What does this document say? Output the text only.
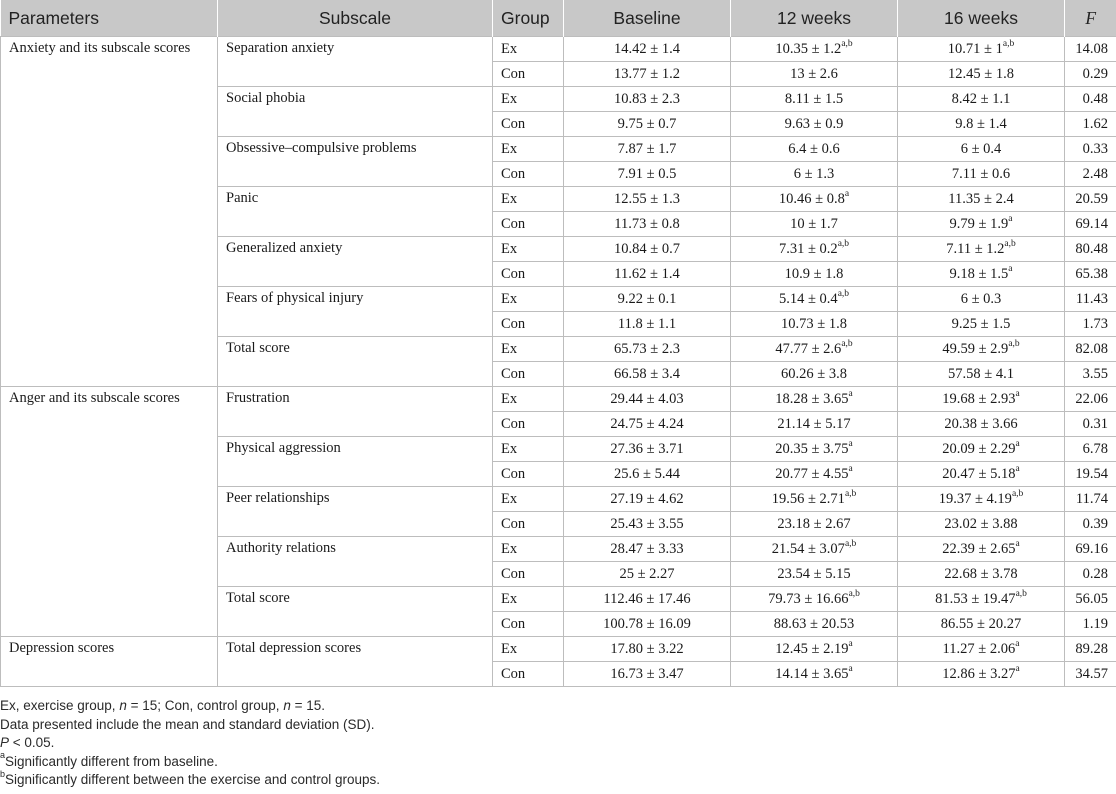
Parameters	Subscale	Group	Baseline	12 weeks	16 weeks	F
Anxiety and its subscale scores	Separation anxiety	Ex	14.42 ± 1.4	$10.35 \pm 1.2^{a,b}$	$10.71 \pm 1^{a,b}$	14.08
		Con	13.77 ± 1.2	13 ± 2.6	12.45 ± 1.8	0.29
	Social phobia	Ex	10.83 ± 2.3	8.11 ± 1.5	8.42 ± 1.1	0.48
		Con	9.75 ± 0.7	9.63 ± 0.9	9.8 ± 1.4	1.62
	Obsessive–compulsive problems	Ex	7.87 ± 1.7	6.4 ± 0.6	6 ± 0.4	0.33
		Con	7.91 ± 0.5	6 ± 1.3	7.11 ± 0.6	2.48
	Panic	Ex	12.55 ± 1.3	10.46 ± 0.8$^a$	11.35 ± 2.4	20.59
		Con	11.73 ± 0.8	10 ± 1.7	9.79 ± 1.9$^a$	69.14
	Generalized anxiety	Ex	10.84 ± 0.7	$7.31 \pm 0.2^{a,b}$	$7.11 \pm 1.2^{a,b}$	80.48
		Con	11.62 ± 1.4	10.9 ± 1.8	9.18 ± 1.5$^a$	65.38
	Fears of physical injury	Ex	9.22 ± 0.1	$5.14 \pm 0.4^{a,b}$	6 ± 0.3	11.43
		Con	11.8 ± 1.1	10.73 ± 1.8	9.25 ± 1.5	1.73
	Total score	Ex	65.73 ± 2.3	$47.77 \pm 2.6^{a,b}$	$49.59 \pm 2.9^{a,b}$	82.08
		Con	66.58 ± 3.4	60.26 ± 3.8	57.58 ± 4.1	3.55
Anger and its subscale scores	Frustration	Ex	29.44 ± 4.03	18.28 ± 3.65$^a$	19.68 ± 2.93$^a$	22.06
		Con	24.75 ± 4.24	21.14 ± 5.17	20.38 ± 3.66	0.31
	Physical aggression	Ex	27.36 ± 3.71	20.35 ± 3.75$^a$	20.09 ± 2.29$^a$	6.78
		Con	25.6 ± 5.44	20.77 ± 4.55$^a$	20.47 ± 5.18$^a$	19.54
	Peer relationships	Ex	27.19 ± 4.62	$19.56 \pm 2.71^{a,b}$	$19.37 \pm 4.19^{a,b}$	11.74
		Con	25.43 ± 3.55	23.18 ± 2.67	23.02 ± 3.88	0.39
	Authority relations	Ex	28.47 ± 3.33	$21.54 \pm 3.07^{a,b}$	22.39 ± 2.65$^a$	69.16
		Con	25 ± 2.27	23.54 ± 5.15	22.68 ± 3.78	0.28
	Total score	Ex	112.46 ± 17.46	$79.73 \pm 16.66^{a,b}$	$81.53 \pm 19.47^{a,b}$	56.05
		Con	100.78 ± 16.09	88.63 ± 20.53	86.55 ± 20.27	1.19
Depression scores	Total depression scores	Ex	17.80 ± 3.22	12.45 ± 2.19$^a$	11.27 ± 2.06$^a$	89.28
		Con	16.73 ± 3.47	14.14 ± 3.65$^a$	12.86 ± 3.27$^a$	34.57
Ex, exercise group, n = 15; Con, control group, n = 15.
Data presented include the mean and standard deviation (SD).
P < 0.05.
$^a$Significantly different from baseline.
$^b$Significantly different between the exercise and control groups.
